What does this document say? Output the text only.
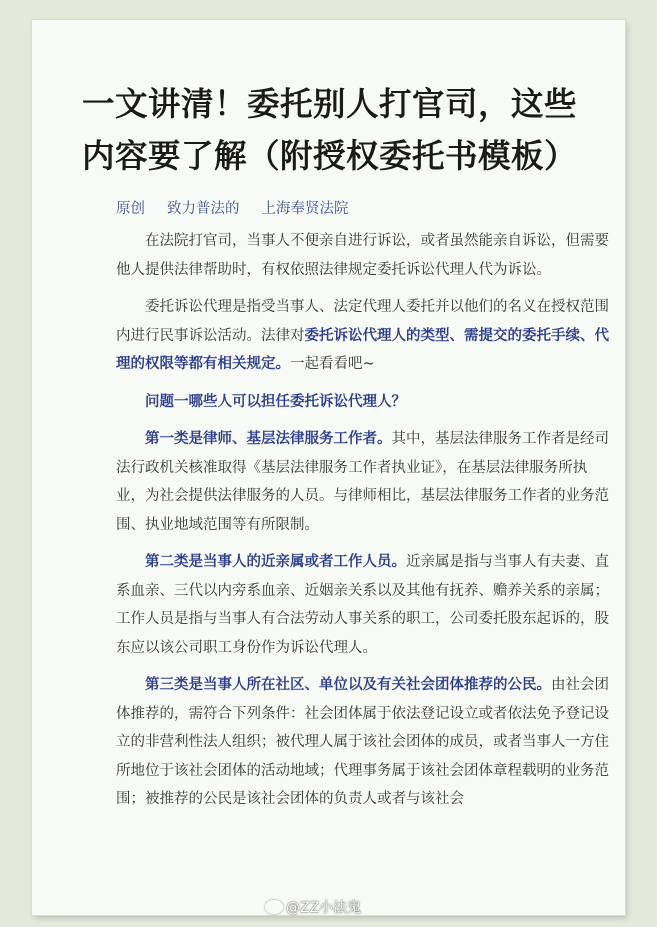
一文讲清！委托别人打官司，这些内容要了解（附授权委托书模板）
原创 致力普法的 上海奉贤法院

在法院打官司，当事人不便亲自进行诉讼，或者虽然能亲自诉讼，但需要他人提供法律帮助时，有权依照法律规定委托诉讼代理人代为诉讼。

委托诉讼代理是指受当事人、法定代理人委托并以他们的名义在授权范围内进行民事诉讼活动。法律对委托诉讼代理人的类型、需提交的委托手续、代理的权限等都有相关规定。一起看看吧~

问题一哪些人可以担任委托诉讼代理人？

第一类是律师、基层法律服务工作者。其中，基层法律服务工作者是经司法行政机关核准取得《基层法律服务工作者执业证》，在基层法律服务所执业，为社会提供法律服务的人员。与律师相比，基层法律服务工作者的业务范围、执业地域范围等有所限制。

第二类是当事人的近亲属或者工作人员。近亲属是指与当事人有夫妻、直系血亲、三代以内旁系血亲、近姻亲关系以及其他有抚养、赡养关系的亲属；工作人员是指与当事人有合法劳动人事关系的职工，公司委托股东起诉的，股东应以该公司职工身份作为诉讼代理人。

第三类是当事人所在社区、单位以及有关社会团体推荐的公民。由社会团体推荐的，需符合下列条件：社会团体属于依法登记设立或者依法免予登记设立的非营利性法人组织；被代理人属于该社会团体的成员，或者当事人一方住所地位于该社会团体的活动地域；代理事务属于该社会团体章程载明的业务范围；被推荐的公民是该社会团体的负责人或者与该社会

@ZZ小法鬼
